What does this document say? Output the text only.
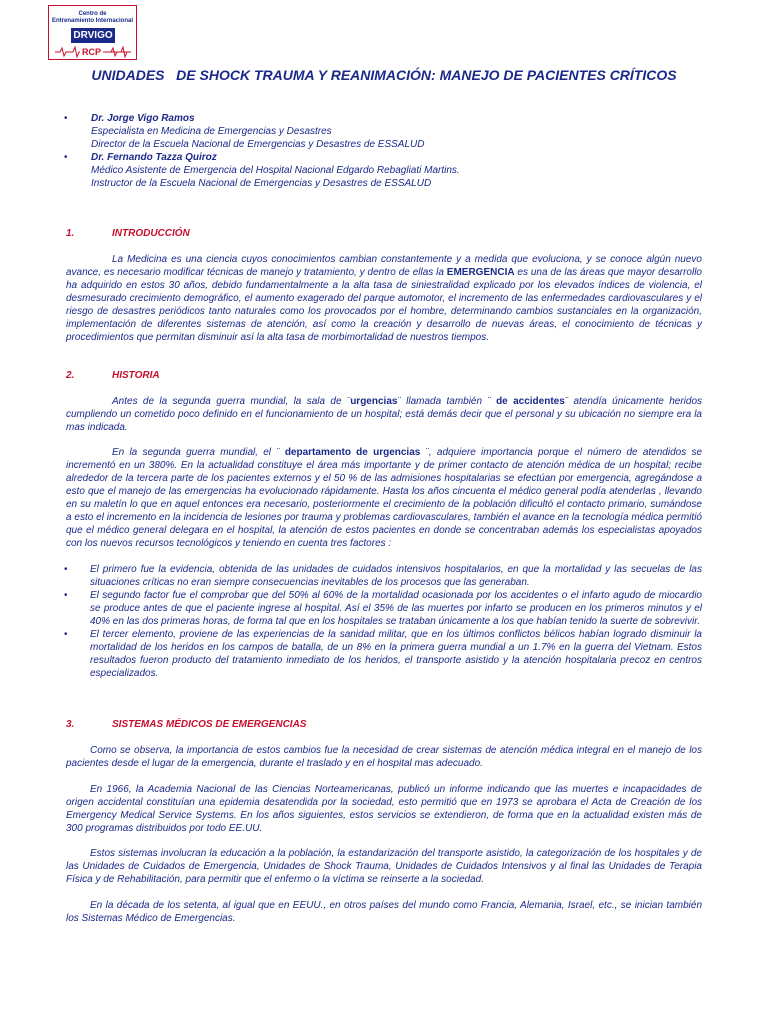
Centro de
Entrenamiento Internacional
DRVIGO
RCP
UNIDADES   DE SHOCK TRAUMA Y REANIMACIÓN: MANEJO DE PACIENTES CRÍTICOS
• Dr. Jorge Vigo Ramos
Especialista en Medicina de Emergencias y Desastres
Director de la Escuela Nacional de Emergencias y Desastres de ESSALUD
• Dr. Fernando Tazza Quiroz
Médico Asistente de Emergencia del Hospital Nacional Edgardo Rebagliati Martins.
Instructor de la Escuela Nacional de Emergencias y Desastres de ESSALUD
1.	INTRODUCCIÓN
La Medicina es una ciencia cuyos conocimientos cambian constantemente y a medida que evoluciona, y se conoce algún nuevo avance, es necesario modificar técnicas de manejo y tratamiento, y dentro de ellas la EMERGENCIA es una de las áreas que mayor desarrollo ha adquirido en estos 30 años, debido fundamentalmente a la alta tasa de siniestralidad explicado por los elevados índices de violencia, el desmesurado crecimiento demográfico, el aumento exagerado del parque automotor, el incremento de las enfermedades cardiovasculares y el riesgo de desastres periódicos tanto naturales como los provocados por el hombre, determinando cambios sustanciales en la organización, implementación de diferentes sistemas de atención, así como la creación y desarrollo de nuevas áreas, el conocimiento de técnicas y procedimientos que permitan disminuir así la alta tasa de morbimortalidad de nuestros tiempos.
2.	HISTORIA
Antes de la segunda guerra mundial, la sala de ¨urgencias¨ llamada también ¨ de accidentes¨ atendía únicamente heridos cumpliendo un cometido poco definido en el funcionamiento de un hospital; está demás decir que el personal y su ubicación no siempre era la mas indicada.
En la segunda guerra mundial, el ¨ departamento de urgencias ¨, adquiere importancia porque el número de atendidos se incrementó en un 380%. En la actualidad constituye el área más importante y de primer contacto de atención médica de un hospital; recibe alrededor de la tercera parte de los pacientes externos y el 50 % de las admisiones hospitalarias se efectúan por emergencia, agregándose a esto que el manejo de las emergencias ha evolucionado rápidamente. Hasta los años cincuenta el médico general podía atenderlas , llevando en su maletín lo que en aquel entonces era necesario, posteriormente el crecimiento de la población dificultó el contacto primario, sumándose a esto el incremento en la incidencia de lesiones por trauma y problemas cardiovasculares, también el avance en la tecnología médica permitió que el médico general delegara en el hospital, la atención de estos pacientes en donde se concentraban además los especialistas apoyados con los nuevos recursos tecnológicos y teniendo en cuenta tres factores :
• El primero fue la evidencia, obtenida de las unidades de cuidados intensivos hospitalarios, en que la mortalidad y las secuelas de las situaciones críticas no eran siempre consecuencias inevitables de los procesos que las generaban.
• El segundo factor fue el comprobar que del 50% al 60% de la mortalidad ocasionada por los accidentes o el infarto agudo de miocardio se produce antes de que el paciente ingrese al hospital. Así el 35% de las muertes por infarto se producen en los primeros minutos y el 40% en las dos primeras horas, de forma tal que en los hospitales se trataban únicamente a los que habían tenido la suerte de sobrevivir.
• El tercer elemento, proviene de las experiencias de la sanidad militar, que en los últimos conflictos bélicos habían logrado disminuir la mortalidad de los heridos en los campos de batalla, de un 8% en la primera guerra mundial a un 1.7% en la guerra del Vietnam. Estos resultados fueron producto del tratamiento inmediato de los heridos, el transporte asistido y la atención hospitalaria precoz en centros especializados.
3.	SISTEMAS MÉDICOS DE EMERGENCIAS
Como se observa, la importancia de estos cambios fue la necesidad de crear sistemas de atención médica integral en el manejo de los pacientes desde el lugar de la emergencia, durante el traslado y en el hospital mas adecuado.
En 1966, la Academia Nacional de las Ciencias Norteamericanas, publicó un informe indicando que las muertes e incapacidades de origen accidental constituían una epidemia desatendida por la sociedad, esto permitió que en 1973 se aprobara el Acta de Creación de los Emergency Medical Service Systems. En los años siguientes, estos servicios se extendieron, de forma que en la actualidad existen más de 300 programas distribuidos por todo EE.UU.
Estos sistemas involucran la educación a la población, la estandarización del transporte asistido, la categorización de los hospitales y de las Unidades de Cuidados de Emergencia, Unidades de Shock Trauma, Unidades de Cuidados Intensivos y al final las Unidades de Terapia Física y de Rehabilitación, para permitir que el enfermo o la víctima se reinserte a la sociedad.
En la década de los setenta, al igual que en EEUU., en otros países del mundo como Francia, Alemania, Israel, etc., se inician también los Sistemas Médico de Emergencias.
